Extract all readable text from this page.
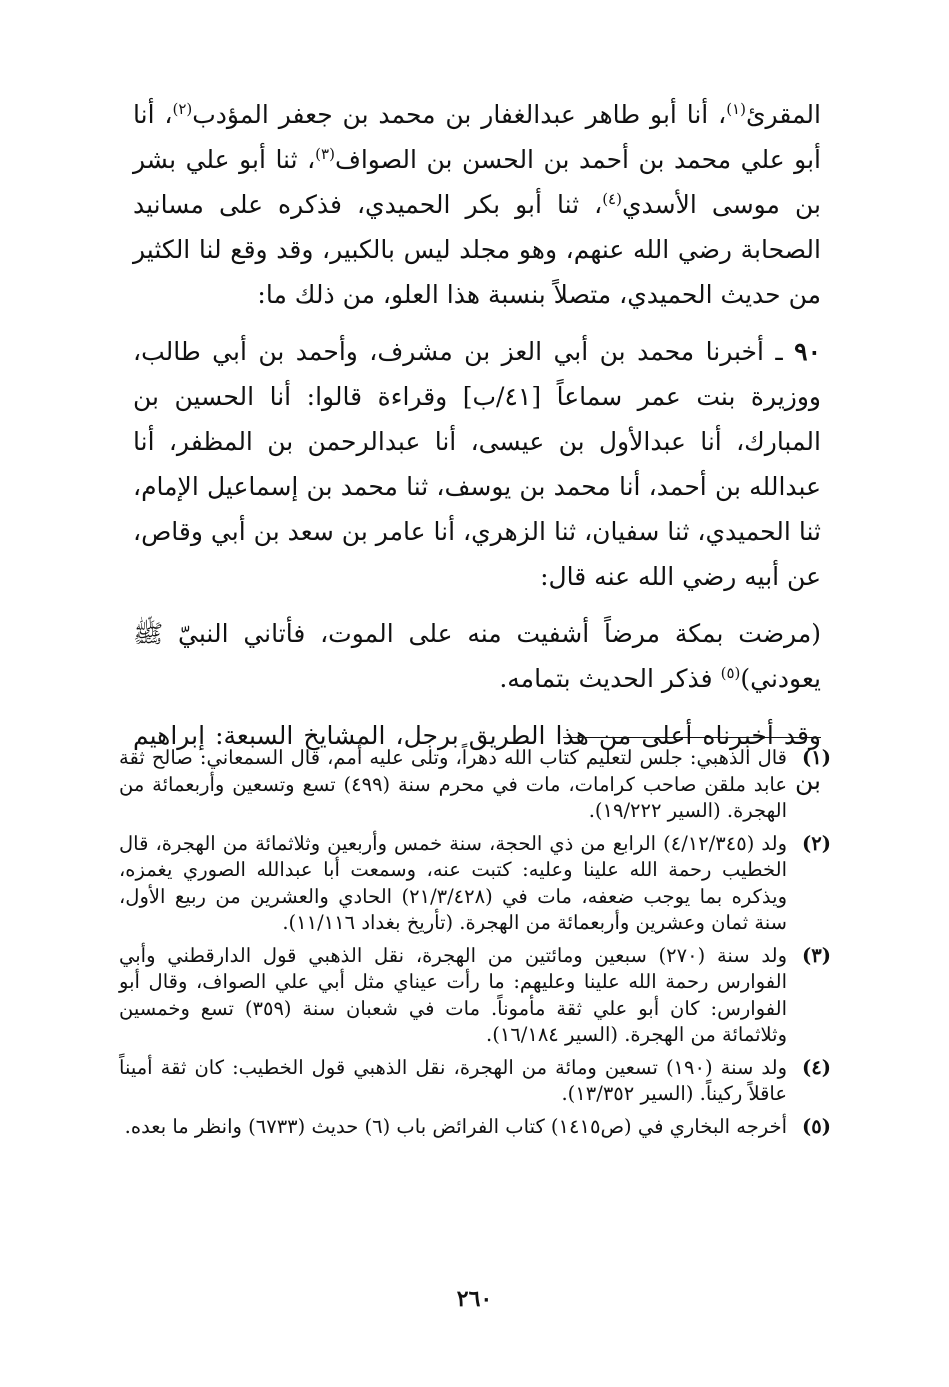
المقرئ$^{(١)}$، أنا أبو طاهر عبدالغفار بن محمد بن جعفر المؤدب$^{(٢)}$، أنا أبو علي محمد بن أحمد بن الحسن بن الصواف$^{(٣)}$، ثنا أبو علي بشر بن موسى الأسدي$^{(٤)}$، ثنا أبو بكر الحميدي، فذكره على مسانيد الصحابة رضي الله عنهم، وهو مجلد ليس بالكبير، وقد وقع لنا الكثير من حديث الحميدي، متصلاً بنسبة هذا العلو، من ذلك ما:

٩٠ ـ أخبرنا محمد بن أبي العز بن مشرف، وأحمد بن أبي طالب، ووزيرة بنت عمر سماعاً [٤١/ب] وقراءة قالوا: أنا الحسين بن المبارك، أنا عبدالأول بن عيسى، أنا عبدالرحمن بن المظفر، أنا عبدالله بن أحمد، أنا محمد بن يوسف، ثنا محمد بن إسماعيل الإمام، ثنا الحميدي، ثنا سفيان، ثنا الزهري، أنا عامر بن سعد بن أبي وقاص، عن أبيه رضي الله عنه قال:

(مرضت بمكة مرضاً أشفيت منه على الموت، فأتاني النبيّ ﷺ يعودني)$^{(٥)}$ فذكر الحديث بتمامه.

وقد أخبرناه أعلى من هذا الطريق برجل، المشايخ السبعة: إبراهيم بن

(١)
قال الذهبي: جلس لتعليم كتاب الله دهراً، وتلى عليه أمم، قال السمعاني: صالح ثقة عابد ملقن صاحب كرامات، مات في محرم سنة (٤٩٩) تسع وتسعين وأربعمائة من الهجرة. (السير ١٩/٢٢٢).
(٢)
ولد (٤/١٢/٣٤٥) الرابع من ذي الحجة، سنة خمس وأربعين وثلاثمائة من الهجرة، قال الخطيب رحمة الله علينا وعليه: كتبت عنه، وسمعت أبا عبدالله الصوري يغمزه، ويذكره بما يوجب ضعفه، مات في (٢١/٣/٤٢٨) الحادي والعشرين من ربيع الأول، سنة ثمان وعشرين وأربعمائة من الهجرة. (تأريخ بغداد ١١/١١٦).
(٣)
ولد سنة (٢٧٠) سبعين ومائتين من الهجرة، نقل الذهبي قول الدارقطني وأبي الفوارس رحمة الله علينا وعليهم: ما رأت عيناي مثل أبي علي الصواف، وقال أبو الفوارس: كان أبو علي ثقة مأموناً. مات في شعبان سنة (٣٥٩) تسع وخمسين وثلاثمائة من الهجرة. (السير ١٦/١٨٤).
(٤)
ولد سنة (١٩٠) تسعين ومائة من الهجرة، نقل الذهبي قول الخطيب: كان ثقة أميناً عاقلاً ركيناً. (السير ١٣/٣٥٢).
(٥)
أخرجه البخاري في (ص١٤١٥) كتاب الفرائض باب (٦) حديث (٦٧٣٣) وانظر ما بعده.
٢٦٠
